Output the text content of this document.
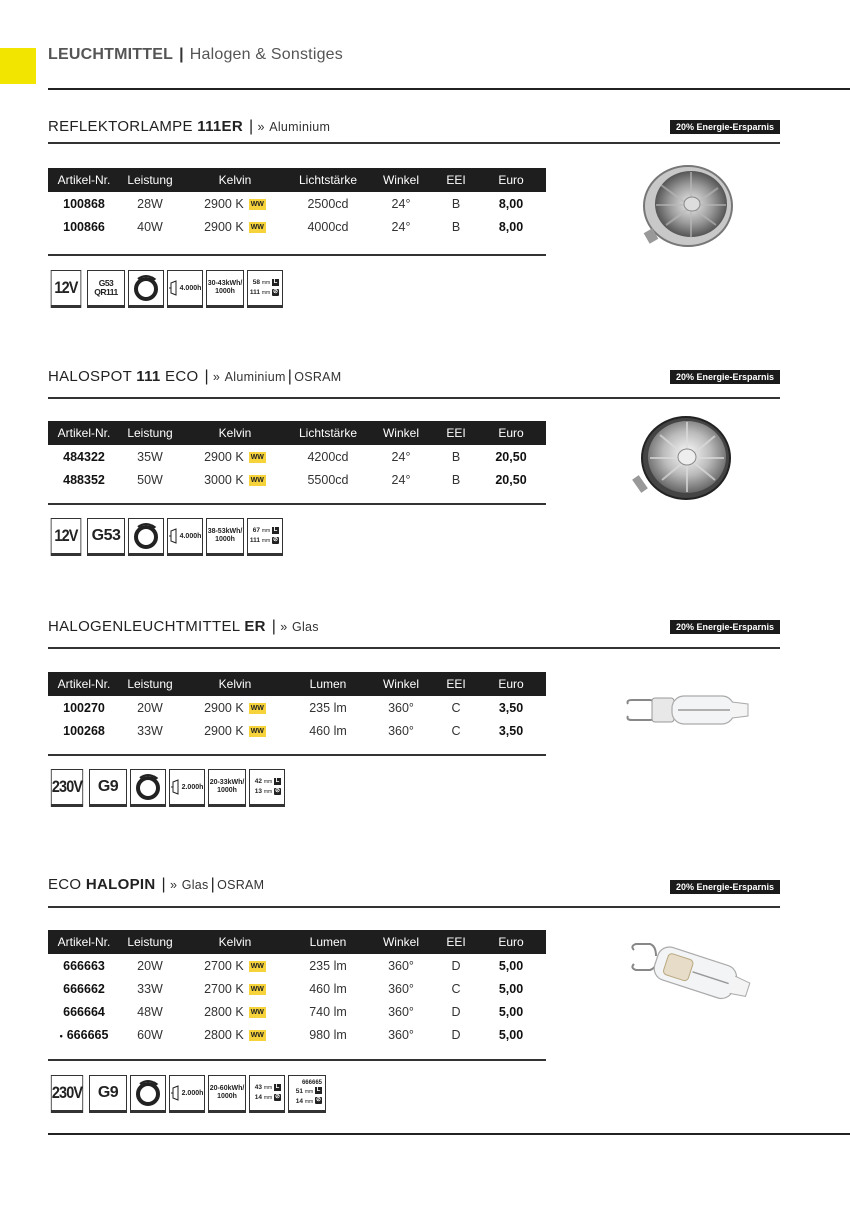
LEUCHTMITTEL | Halogen & Sonstiges
REFLEKTORLAMPE 111ER | » Aluminium	20% Energie-Ersparnis
Artikel-Nr.	Leistung	Kelvin	Lichtstärke	Winkel	EEI	Euro
100868	28W	2900 K WW	2500cd	24°	B	8,00
100866	40W	2900 K WW	4000cd	24°	B	8,00
12V	G53
QR111	4.000h
30-43kWh/
1000h
58 mm L
111 mm ⊘
HALOSPOT 111 ECO | » Aluminium | OSRAM	20% Energie-Ersparnis
Artikel-Nr.	Leistung	Kelvin	Lichtstärke	Winkel	EEI	Euro
484322	35W	2900 K WW	4200cd	24°	B	20,50
488352	50W	3000 K WW	5500cd	24°	B	20,50
12V G53	4.000h
38-53kWh/
1000h
67 mm L
111 mm ⊘
HALOGENLEUCHTMITTEL ER | » Glas	20% Energie-Ersparnis
Artikel-Nr.	Leistung	Kelvin	Lumen	Winkel	EEI	Euro
100270	20W	2900 K WW	235 lm	360°	C	3,50
100268	33W	2900 K WW	460 lm	360°	C	3,50
230V G9	2.000h
20-33kWh/
1000h
42 mm L
13 mm ⊘
ECO HALOPIN | » Glas | OSRAM	20% Energie-Ersparnis
Artikel-Nr.	Leistung	Kelvin	Lumen	Winkel	EEI	Euro
666663	20W	2700 K WW	235 lm	360°	D	5,00
666662	33W	2700 K WW	460 lm	360°	C	5,00
666664	48W	2800 K WW	740 lm	360°	D	5,00
• 666665	60W	2800 K WW	980 lm	360°	D	5,00
230V G9	2.000h
20-60kWh/
1000h
43 mm L
14 mm ⊘
666665
51 mm L
14 mm ⊘
